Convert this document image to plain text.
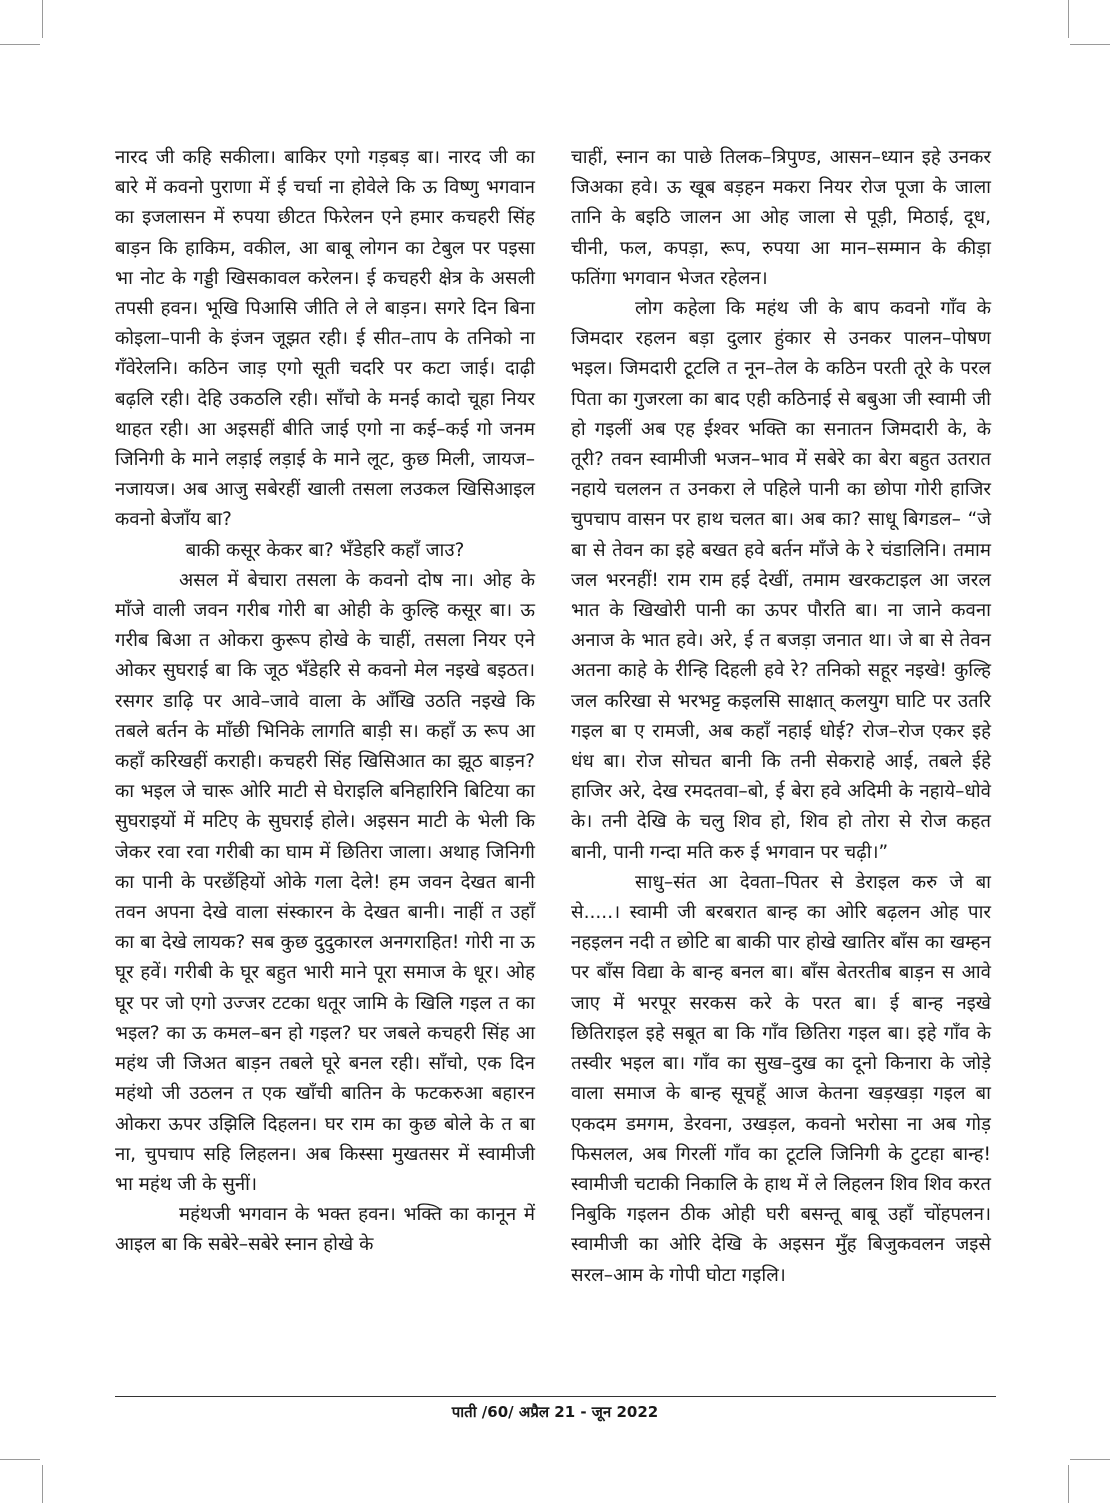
नारद जी कहि सकीला। बाकिर एगो गड़बड़ बा। नारद जी का बारे में कवनो पुराणा में ई चर्चा ना होवेले कि ऊ विष्णु भगवान का इजलासन में रुपया छीटत फिरेलन एने हमार कचहरी सिंह बाड़न कि हाकिम, वकील, आ बाबू लोगन का टेबुल पर पइसा भा नोट के गड्डी खिसकावल करेलन। ई कचहरी क्षेत्र के असली तपसी हवन। भूखि पिआसि जीति ले ले बाड़न। सगरे दिन बिना कोइला–पानी के इंजन जूझत रही। ई सीत–ताप के तनिको ना गँवेरेलनि। कठिन जाड़ एगो सूती चदरि पर कटा जाई। दाढ़ी बढ़लि रही। देहि उकठलि रही। साँचो के मनई कादो चूहा नियर थाहत रही। आ अइसहीं बीति जाई एगो ना कई–कई गो जनम जिनिगी के माने लड़ाई लड़ाई के माने लूट, कुछ मिली, जायज–नजायज। अब आजु सबेरहीं खाली तसला लउकल खिसिआइल कवनो बेजाँय बा?

बाकी कसूर केकर बा? भँडेहरि कहाँ जाउ?

असल में बेचारा तसला के कवनो दोष ना। ओह के माँजे वाली जवन गरीब गोरी बा ओही के कुल्हि कसूर बा। ऊ गरीब बिआ त ओकरा कुरूप होखे के चाहीं, तसला नियर एने ओकर सुघराई बा कि जूठ भँडेहरि से कवनो मेल नइखे बइठत। रसगर डाढ़ि पर आवे–जावे वाला के आँखि उठति नइखे कि तबले बर्तन के माँछी भिनिके लागति बाड़ी स। कहाँ ऊ रूप आ कहाँ करिखहीं कराही। कचहरी सिंह खिसिआत का झूठ बाड़न? का भइल जे चारू ओरि माटी से घेराइलि बनिहारिनि बिटिया का सुघराइयों में मटिए के सुघराई होले। अइसन माटी के भेली कि जेकर रवा रवा गरीबी का घाम में छितिरा जाला। अथाह जिनिगी का पानी के परछँहियों ओके गला देले! हम जवन देखत बानी तवन अपना देखे वाला संस्कारन के देखत बानी। नाहीं त उहाँ का बा देखे लायक? सब कुछ दुदुकारल अनगराहित! गोरी ना ऊ घूर हवें। गरीबी के घूर बहुत भारी माने पूरा समाज के धूर। ओह घूर पर जो एगो उज्जर टटका धतूर जामि के खिलि गइल त का भइल? का ऊ कमल–बन हो गइल? घर जबले कचहरी सिंह आ महंथ जी जिअत बाड़न तबले घूरे बनल रही। साँचो, एक दिन महंथो जी उठलन त एक खाँची बातिन के फटकरुआ बहारन ओकरा ऊपर उझिलि दिहलन। घर राम का कुछ बोले के त बा ना, चुपचाप सहि लिहलन। अब किस्सा मुखतसर में स्वामीजी भा महंथ जी के सुनीं।

महंथजी भगवान के भक्त हवन। भक्ति का कानून में आइल बा कि सबेरे–सबेरे स्नान होखे के

चाहीं, स्नान का पाछे तिलक–त्रिपुण्ड, आसन–ध्यान इहे उनकर जिअका हवे। ऊ खूब बड़हन मकरा नियर रोज पूजा के जाला तानि के बइठि जालन आ ओह जाला से पूड़ी, मिठाई, दूध, चीनी, फल, कपड़ा, रूप, रुपया आ मान–सम्मान के कीड़ा फतिंगा भगवान भेजत रहेलन।

लोग कहेला कि महंथ जी के बाप कवनो गाँव के जिमदार रहलन बड़ा दुलार हुंकार से उनकर पालन–पोषण भइल। जिमदारी टूटलि त नून–तेल के कठिन परती तूरे के परल पिता का गुजरला का बाद एही कठिनाई से बबुआ जी स्वामी जी हो गइलीं अब एह ईश्वर भक्ति का सनातन जिमदारी के, के तूरी? तवन स्वामीजी भजन–भाव में सबेरे का बेरा बहुत उतरात नहाये चललन त उनकरा ले पहिले पानी का छोपा गोरी हाजिर चुपचाप वासन पर हाथ चलत बा। अब का? साधू बिगडल– “जे बा से तेवन का इहे बखत हवे बर्तन माँजे के रे चंडालिनि। तमाम जल भरनहीं! राम राम हई देखीं, तमाम खरकटाइल आ जरल भात के खिखोरी पानी का ऊपर पौरति बा। ना जाने कवना अनाज के भात हवे। अरे, ई त बजड़ा जनात था। जे बा से तेवन अतना काहे के रीन्हि दिहली हवे रे? तनिको सहूर नइखे! कुल्हि जल करिखा से भरभट्ट कइलसि साक्षात् कलयुग घाटि पर उतरि गइल बा ए रामजी, अब कहाँ नहाई धोई? रोज–रोज एकर इहे धंध बा। रोज सोचत बानी कि तनी सेकराहे आई, तबले ईहे हाजिर अरे, देख रमदतवा–बो, ई बेरा हवे अदिमी के नहाये–धोवे के। तनी देखि के चलु शिव हो, शिव हो तोरा से रोज कहत बानी, पानी गन्दा मति करु ई भगवान पर चढ़ी।”

साधु–संत आ देवता–पितर से डेराइल करु जे बा से.....। स्वामी जी बरबरात बान्ह का ओरि बढ़लन ओह पार नहइलन नदी त छोटि बा बाकी पार होखे खातिर बाँस का खम्हन पर बाँस विद्या के बान्ह बनल बा। बाँस बेतरतीब बाड़न स आवे जाए में भरपूर सरकस करे के परत बा। ई बान्ह नइखे छितिराइल इहे सबूत बा कि गाँव छितिरा गइल बा। इहे गाँव के तस्वीर भइल बा। गाँव का सुख–दुख का दूनो किनारा के जोड़े वाला समाज के बान्ह सूचहूँ आज केतना खड़खड़ा गइल बा एकदम डमगम, डेरवना, उखड़ल, कवनो भरोसा ना अब गोड़ फिसलल, अब गिरलीं गाँव का टूटलि जिनिगी के टुटहा बान्ह! स्वामीजी चटाकी निकालि के हाथ में ले लिहलन शिव शिव करत निबुकि गइलन ठीक ओही घरी बसन्तू बाबू उहाँ चोंहपलन। स्वामीजी का ओरि देखि के अइसन मुँह बिजुकवलन जइसे सरल–आम के गोपी घोटा गइलि।

पाती /60/ अप्रैल 21 - जून 2022
